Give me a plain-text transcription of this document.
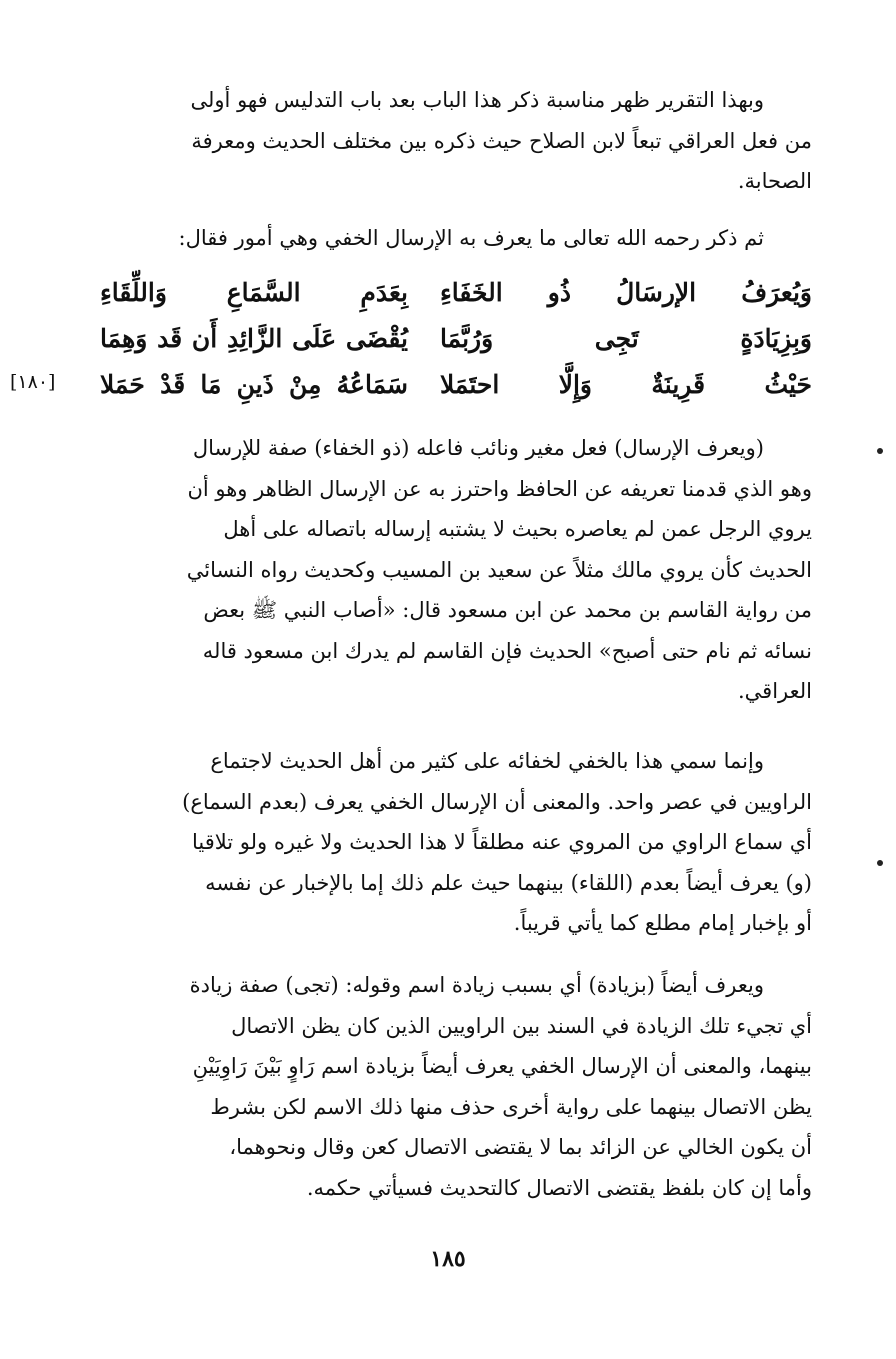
وبهذا التقرير ظهر مناسبة ذكر هذا الباب بعد باب التدليس فهو أولى

من فعل العراقي تبعاً لابن الصلاح حيث ذكره بين مختلف الحديث ومعرفة

الصحابة.

ثم ذكر رحمه الله تعالى ما يعرف به الإرسال الخفي وهي أمور فقال:

وَيُعرَفُ الإرسَالُ ذُو الخَفَاءِ
بِعَدَمِ السَّمَاعِ وَاللِّقَاءِ
وَبِزِيَادَةٍ تَجِى وَرُبَّمَا
يُقْضَى عَلَى الزَّائِدِ أَن قَد وَهِمَا
حَيْثُ قَرِينَةٌ وَإِلَّا احتَمَلا
سَمَاعُهُ مِنْ ذَينِ مَا قَدْ حَمَلا
[١٨٠]

(ويعرف الإرسال) فعل مغير ونائب فاعله (ذو الخفاء) صفة للإرسال

وهو الذي قدمنا تعريفه عن الحافظ واحترز به عن الإرسال الظاهر وهو أن

يروي الرجل عمن لم يعاصره بحيث لا يشتبه إرساله باتصاله على أهل

الحديث كأن يروي مالك مثلاً عن سعيد بن المسيب وكحديث رواه النسائي

من رواية القاسم بن محمد عن ابن مسعود قال: «أصاب النبي ﷺ بعض

نسائه ثم نام حتى أصبح» الحديث فإن القاسم لم يدرك ابن مسعود قاله

العراقي.

وإنما سمي هذا بالخفي لخفائه على كثير من أهل الحديث لاجتماع

الراويين في عصر واحد. والمعنى أن الإرسال الخفي يعرف (بعدم السماع)

أي سماع الراوي من المروي عنه مطلقاً لا هذا الحديث ولا غيره ولو تلاقيا

(و) يعرف أيضاً بعدم (اللقاء) بينهما حيث علم ذلك إما بالإخبار عن نفسه

أو بإخبار إمام مطلع كما يأتي قريباً.

ويعرف أيضاً (بزيادة) أي بسبب زيادة اسم وقوله: (تجى) صفة زيادة

أي تجيء تلك الزيادة في السند بين الراويين الذين كان يظن الاتصال

بينهما، والمعنى أن الإرسال الخفي يعرف أيضاً بزيادة اسم رَاوٍ بَيْنَ رَاوِيَيْنِ

يظن الاتصال بينهما على رواية أخرى حذف منها ذلك الاسم لكن بشرط

أن يكون الخالي عن الزائد بما لا يقتضى الاتصال كعن وقال ونحوهما،

وأما إن كان بلفظ يقتضى الاتصال كالتحديث فسيأتي حكمه.

١٨٥
